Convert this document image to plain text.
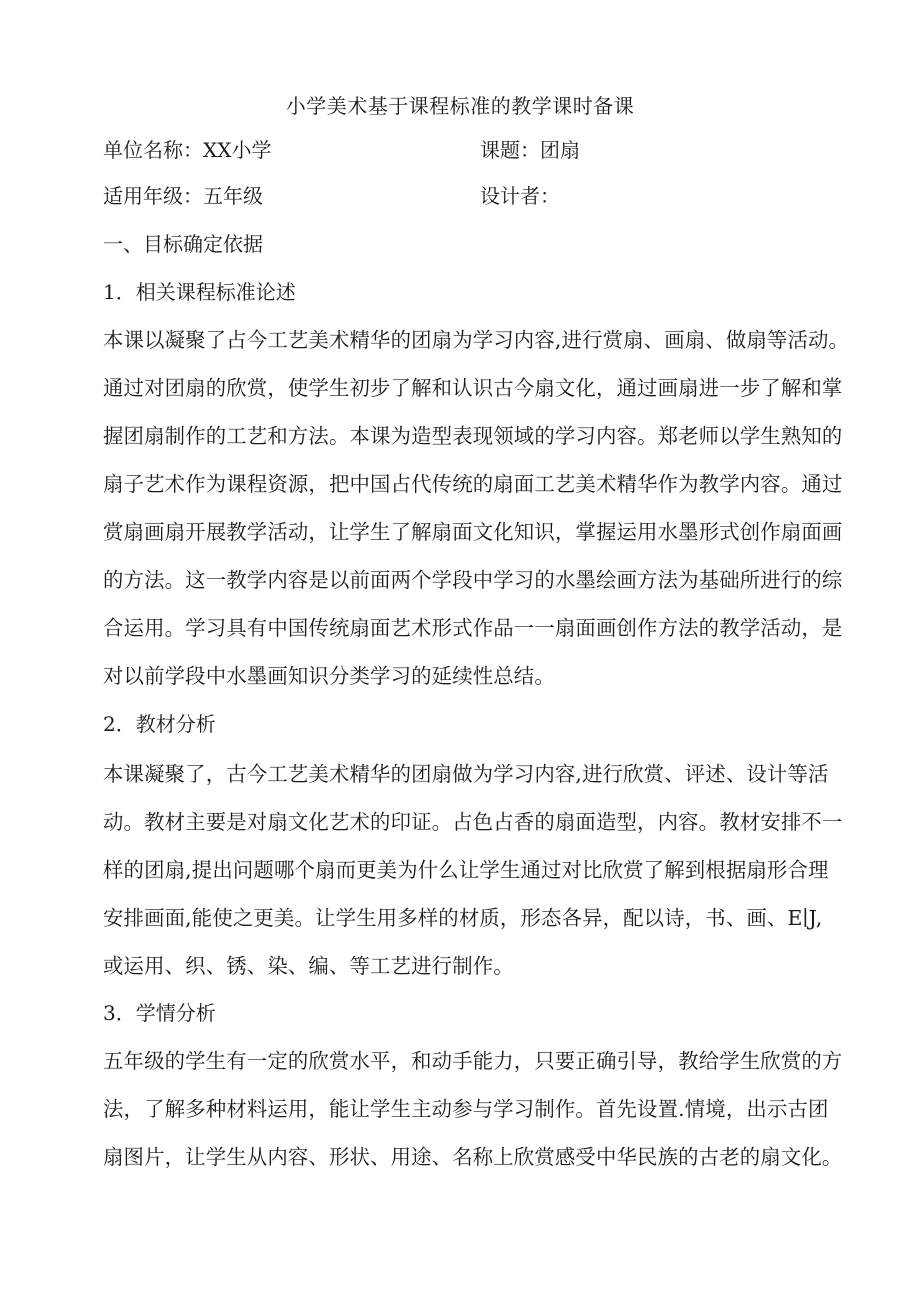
小学美术基于课程标准的教学课时备课
单位名称：XX小学	课题：团扇
适用年级：五年级	设计者：
一、目标确定依据
1．相关课程标准论述
本课以凝聚了占今工艺美术精华的团扇为学习内容,进行赏扇、画扇、做扇等活动。
通过对团扇的欣赏，使学生初步了解和认识古今扇文化，通过画扇进一步了解和掌
握团扇制作的工艺和方法。本课为造型表现领域的学习内容。郑老师以学生熟知的
扇子艺术作为课程资源，把中国占代传统的扇面工艺美术精华作为教学内容。通过
赏扇画扇开展教学活动，让学生了解扇面文化知识，掌握运用水墨形式创作扇面画
的方法。这一教学内容是以前面两个学段中学习的水墨绘画方法为基础所进行的综
合运用。学习具有中国传统扇面艺术形式作品一一扇面画创作方法的教学活动，是
对以前学段中水墨画知识分类学习的延续性总结。
2．教材分析
本课凝聚了，古今工艺美术精华的团扇做为学习内容,进行欣赏、评述、设计等活
动。教材主要是对扇文化艺术的印证。占色占香的扇面造型，内容。教材安排不一
样的团扇,提出问题哪个扇而更美为什么让学生通过对比欣赏了解到根据扇形合理
安排画面,能使之更美。让学生用多样的材质，形态各异，配以诗，书、画、E∣J,
或运用、织、锈、染、编、等工艺进行制作。
3．学情分析
五年级的学生有一定的欣赏水平，和动手能力，只要正确引导，教给学生欣赏的方
法，了解多种材料运用，能让学生主动参与学习制作。首先设置.情境，出示古团
扇图片，让学生从内容、形状、用途、名称上欣赏感受中华民族的古老的扇文化。
